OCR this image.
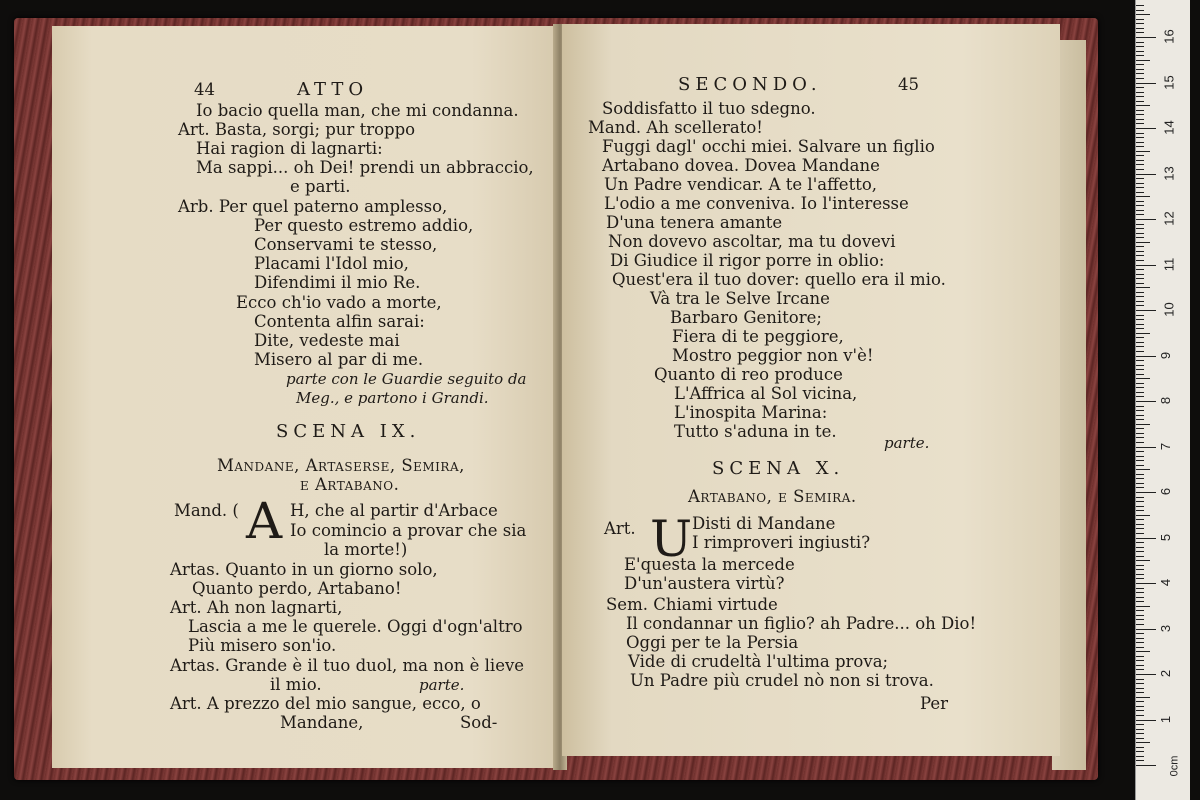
44	ATTO
Io bacio quella man, che mi condanna.
Art. Basta, sorgi; pur troppo
Hai ragion di lagnarti:
Ma sappi... oh Dei! prendi un abbraccio,
e parti.
Arb. Per quel paterno amplesso,
Per questo estremo addio,
Conservami te stesso,
Placami l'Idol mio,
Difendimi il mio Re.
Ecco ch'io vado a morte,
Contenta alfin sarai:
Dite, vedeste mai
Misero al par di me.
parte con le Guardie seguito da
Meg., e partono i Grandi.
SCENA IX.
Mandane, Artaserse, Semira,
e Artabano.
Mand. ( A H, che al partir d'Arbace
Io comincio a provar che sia
la morte!)
Artas. Quanto in un giorno solo,
Quanto perdo, Artabano!
Art. Ah non lagnarti,
Lascia a me le querele. Oggi d'ogn'altro
Più misero son'io.
Artas. Grande è il tuo duol, ma non è lieve
il mio.	parte.
Art. A prezzo del mio sangue, ecco, o
Mandane,	Sod-
SECONDO.	45
Soddisfatto il tuo sdegno.
Mand. Ah scellerato!
Fuggi dagl' occhi miei. Salvare un figlio
Artabano dovea. Dovea Mandane
Un Padre vendicar. A te l'affetto,
L'odio a me conveniva. Io l'interesse
D'una tenera amante
Non dovevo ascoltar, ma tu dovevi
Di Giudice il rigor porre in oblio:
Quest'era il tuo dover: quello era il mio.
Và tra le Selve Ircane
Barbaro Genitore;
Fiera di te peggiore,
Mostro peggior non v'è!
Quanto di reo produce
L'Affrica al Sol vicina,
L'inospita Marina:
Tutto s'aduna in te.
parte.
SCENA X.
Artabano, e Semira.
Art. U Disti di Mandane
I rimproveri ingiusti?
E'questa la mercede
D'un'austera virtù?
Sem. Chiami virtude
Il condannar un figlio? ah Padre... oh Dio!
Oggi per te la Persia
Vide di crudeltà l'ultima prova;
Un Padre più crudel nò non si trova.
Per
0cm
1
2
3
4
5
6
7
8
9
10
11
12
13
14
15
16
